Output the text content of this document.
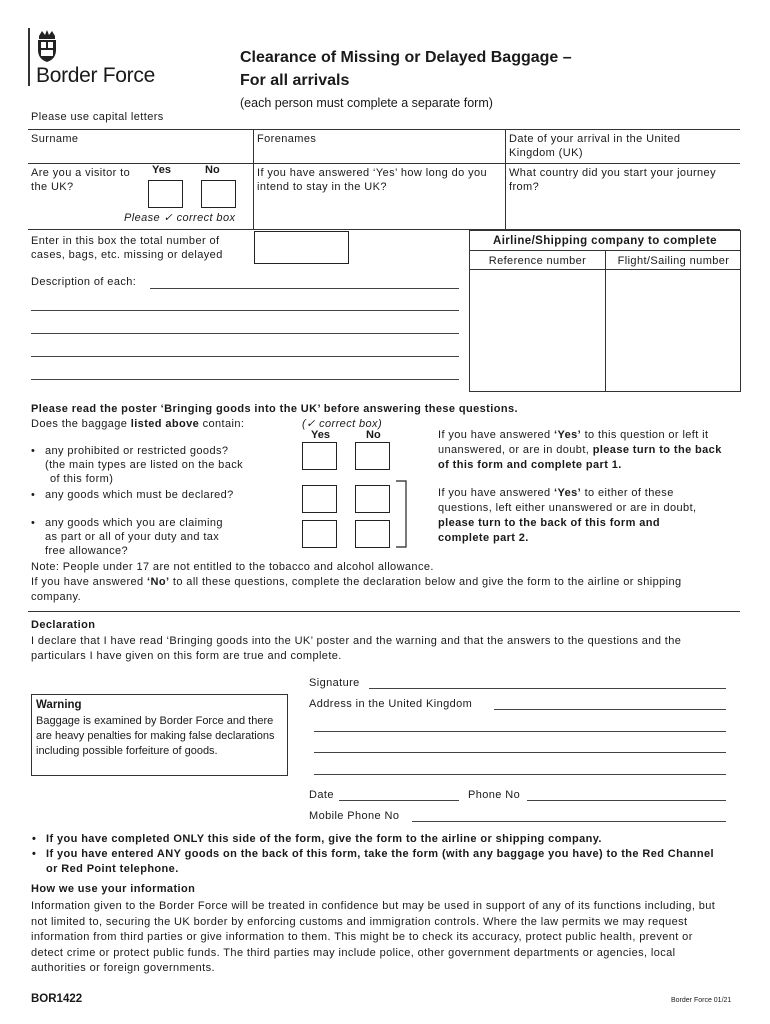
Border Force
Clearance of Missing or Delayed Baggage –
For all arrivals
(each person must complete a separate form)
Please use capital letters
Surname	Forenames	Date of your arrival in the United Kingdom (UK)
Are you a visitor to the UK?
Yes	No
Please ✓ correct box
If you have answered ‘Yes’ how long do you intend to stay in the UK?
What country did you start your journey from?
Enter in this box the total number of cases, bags, etc. missing or delayed
Description of each:
Airline/Shipping company to complete
Reference number	Flight/Sailing number
Please read the poster ‘Bringing goods into the UK’ before answering these questions.
Does the baggage listed above contain:	(✓ correct box)
Yes	No
• any prohibited or restricted goods?
(the main types are listed on the back
of this form)
• any goods which must be declared?
• any goods which you are claiming
as part or all of your duty and tax
free allowance?
If you have answered ‘Yes’ to this question or left it unanswered, or are in doubt, please turn to the back of this form and complete part 1.
If you have answered ‘Yes’ to either of these questions, left either unanswered or are in doubt, please turn to the back of this form and complete part 2.
Note: People under 17 are not entitled to the tobacco and alcohol allowance.
If you have answered ‘No’ to all these questions, complete the declaration below and give the form to the airline or shipping company.
Declaration
I declare that I have read ‘Bringing goods into the UK’ poster and the warning and that the answers to the questions and the particulars I have given on this form are true and complete.
Signature
Address in the United Kingdom
Date	Phone No
Mobile Phone No
Warning
Baggage is examined by Border Force and there are heavy penalties for making false declarations including possible forfeiture of goods.
• If you have completed ONLY this side of the form, give the form to the airline or shipping company.
• If you have entered ANY goods on the back of this form, take the form (with any baggage you have) to the Red Channel or Red Point telephone.
How we use your information
Information given to the Border Force will be treated in confidence but may be used in support of any of its functions including, but not limited to, securing the UK border by enforcing customs and immigration controls. Where the law permits we may request information from third parties or give information to them. This might be to check its accuracy, protect public health, prevent or detect crime or protect public funds. The third parties may include police, other government departments or agencies, local authorities or foreign governments.
BOR1422	Border Force 01/21
